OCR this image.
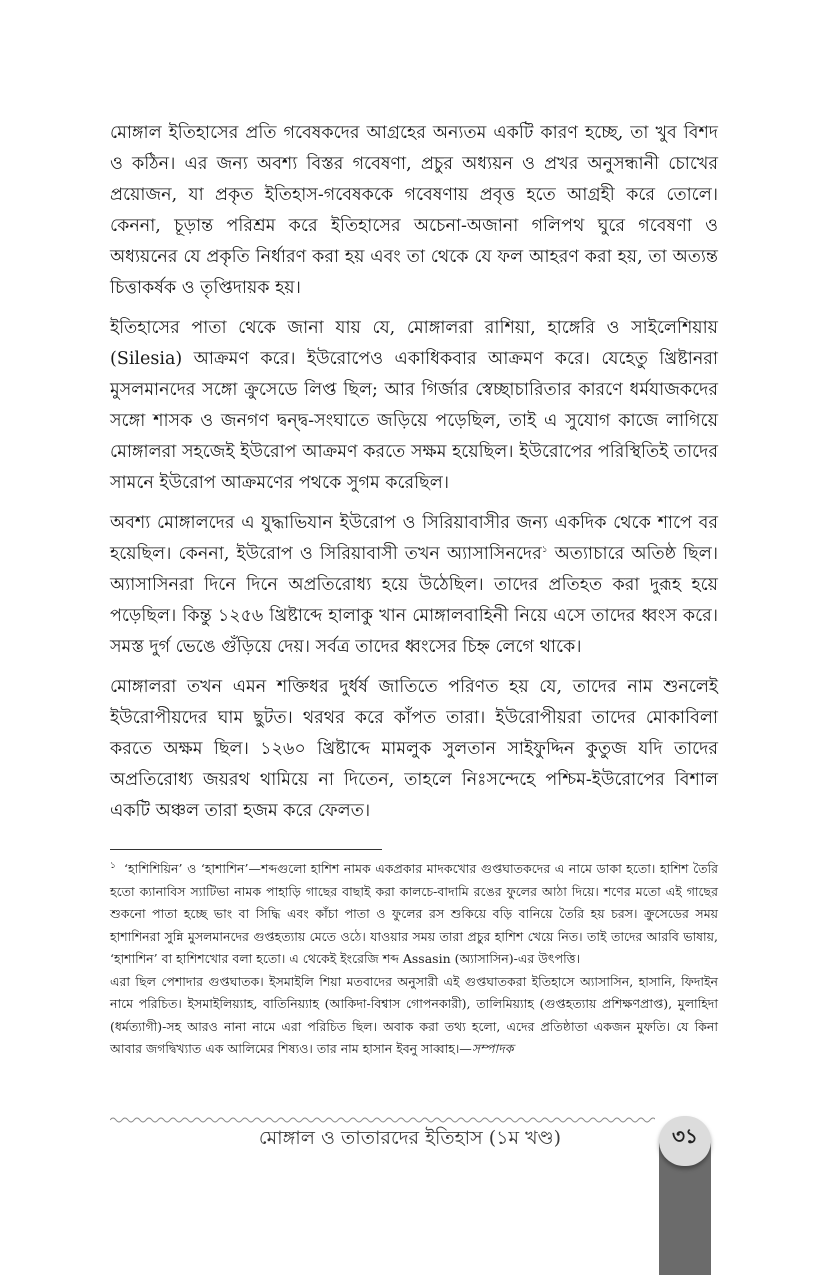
মোঙ্গাল ইতিহাসের প্রতি গবেষকদের আগ্রহের অন্যতম একটি কারণ হচ্ছে, তা খুব বিশদ ও কঠিন। এর জন্য অবশ্য বিস্তর গবেষণা, প্রচুর অধ্যয়ন ও প্রখর অনুসন্ধানী চোখের প্রয়োজন, যা প্রকৃত ইতিহাস-গবেষককে গবেষণায় প্রবৃত্ত হতে আগ্রহী করে তোলে। কেননা, চূড়ান্ত পরিশ্রম করে ইতিহাসের অচেনা-অজানা গলিপথ ঘুরে গবেষণা ও অধ্যয়নের যে প্রকৃতি নির্ধারণ করা হয় এবং তা থেকে যে ফল আহরণ করা হয়, তা অত্যন্ত চিত্তাকর্ষক ও তৃপ্তিদায়ক হয়।

ইতিহাসের পাতা থেকে জানা যায় যে, মোঙ্গালরা রাশিয়া, হাঙ্গেরি ও সাইলেশিয়ায় (Silesia) আক্রমণ করে। ইউরোপেও একাধিকবার আক্রমণ করে। যেহেতু খ্রিষ্টানরা মুসলমানদের সঙ্গো ক্রুসেডে লিপ্ত ছিল; আর গির্জার স্বেচ্ছাচারিতার কারণে ধর্মযাজকদের সঙ্গো শাসক ও জনগণ দ্বন্দ্ব-সংঘাতে জড়িয়ে পড়েছিল, তাই এ সুযোগ কাজে লাগিয়ে মোঙ্গালরা সহজেই ইউরোপ আক্রমণ করতে সক্ষম হয়েছিল। ইউরোপের পরিস্থিতিই তাদের সামনে ইউরোপ আক্রমণের পথকে সুগম করেছিল।

অবশ্য মোঙ্গালদের এ যুদ্ধাভিযান ইউরোপ ও সিরিয়াবাসীর জন্য একদিক থেকে শাপে বর হয়েছিল। কেননা, ইউরোপ ও সিরিয়াবাসী তখন অ্যাসাসিনদের$^১$ অত্যাচারে অতিষ্ঠ ছিল। অ্যাসাসিনরা দিনে দিনে অপ্রতিরোধ্য হয়ে উঠেছিল। তাদের প্রতিহত করা দুরূহ হয়ে পড়েছিল। কিন্তু ১২৫৬ খ্রিষ্টাব্দে হালাকু খান মোঙ্গালবাহিনী নিয়ে এসে তাদের ধ্বংস করে। সমস্ত দুর্গ ভেঙে গুঁড়িয়ে দেয়। সর্বত্র তাদের ধ্বংসের চিহ্ন লেগে থাকে।

মোঙ্গালরা তখন এমন শক্তিধর দুর্ধর্ষ জাতিতে পরিণত হয় যে, তাদের নাম শুনলেই ইউরোপীয়দের ঘাম ছুটত। থরথর করে কাঁপত তারা। ইউরোপীয়রা তাদের মোকাবিলা করতে অক্ষম ছিল। ১২৬০ খ্রিষ্টাব্দে মামলুক সুলতান সাইফুদ্দিন কুতুজ যদি তাদের অপ্রতিরোধ্য জয়রথ থামিয়ে না দিতেন, তাহলে নিঃসন্দেহে পশ্চিম-ইউরোপের বিশাল একটি অঞ্চল তারা হজম করে ফেলত।

$^১$ ‘হাশিশিয়িন’ ও ‘হাশাশিন’—শব্দগুলো হাশিশ নামক একপ্রকার মাদকখোর গুপ্তঘাতকদের এ নামে ডাকা হতো। হাশিশ তৈরি হতো ক্যানাবিস স্যাটিভা নামক পাহাড়ি গাছের বাছাই করা কালচে-বাদামি রঙের ফুলের আঠা দিয়ে। শণের মতো এই গাছের শুকনো পাতা হচ্ছে ভাং বা সিদ্ধি এবং কাঁচা পাতা ও ফুলের রস শুকিয়ে বড়ি বানিয়ে তৈরি হয় চরস। ক্রুসেডের সময় হাশাশিনরা সুন্নি মুসলমানদের গুপ্তহত্যায় মেতে ওঠে। যাওয়ার সময় তারা প্রচুর হাশিশ খেয়ে নিত। তাই তাদের আরবি ভাষায়, ‘হাশাশিন’ বা হাশিশখোর বলা হতো। এ থেকেই ইংরেজি শব্দ Assasin (অ্যাসাসিন)-এর উৎপত্তি।

এরা ছিল পেশাদার গুপ্তঘাতক। ইসমাইলি শিয়া মতবাদের অনুসারী এই গুপ্তঘাতকরা ইতিহাসে অ্যাসাসিন, হাসানি, ফিদাইন নামে পরিচিত। ইসমাইলিয়্যাহ, বাতিনিয়্যাহ (আকিদা-বিশ্বাস গোপনকারী), তালিমিয়্যাহ (গুপ্তহত্যায় প্রশিক্ষণপ্রাপ্ত), মুলাহিদা (ধর্মত্যাগী)-সহ আরও নানা নামে এরা পরিচিত ছিল। অবাক করা তথ্য হলো, এদের প্রতিষ্ঠাতা একজন মুফতি। যে কিনা আবার জগদ্বিখ্যাত এক আলিমের শিষ্যও। তার নাম হাসান ইবনু সাব্বাহ।—সম্পাদক

মোঙ্গাল ও তাতারদের ইতিহাস (১ম খণ্ড)	৩১
